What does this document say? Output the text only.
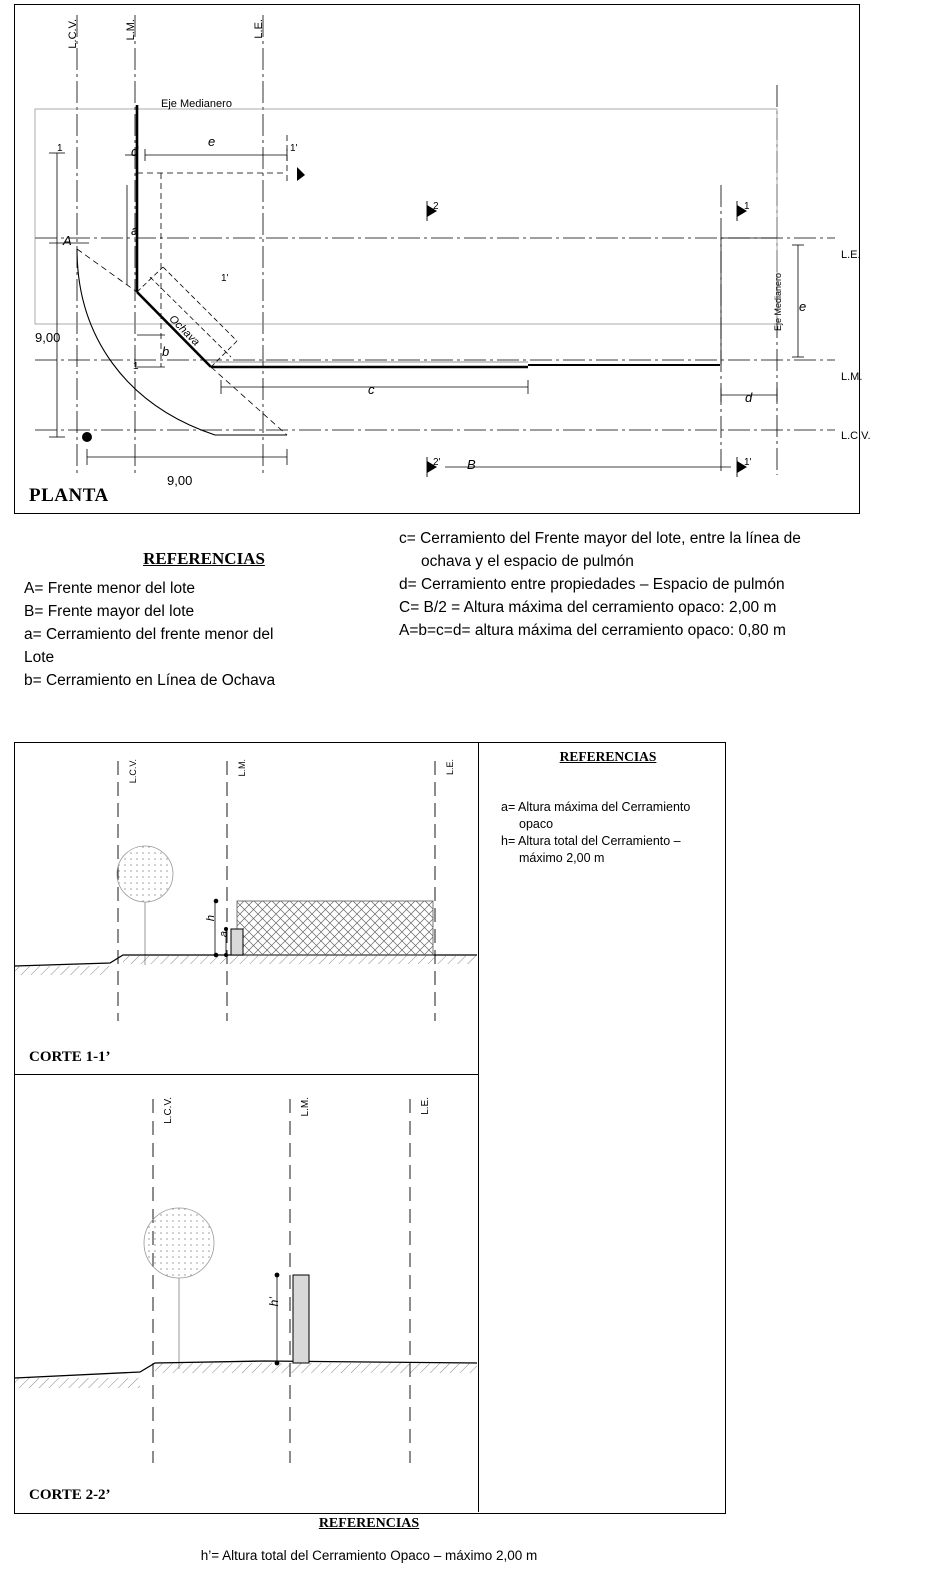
L.C.V.	L.M.	L.E.
L.E.
L.M.
L.C.V.
Eje Medianero
Eje Medianero
Ochava
9,00
9,00
A
B
a
b
c
d
d
e
e
1	1'
1'
1
2	1
2'	1'
PLANTA
REFERENCIAS
A= Frente menor del lote
B= Frente mayor del lote
a= Cerramiento del frente menor del
Lote
b= Cerramiento en Línea de Ochava
c= Cerramiento del Frente mayor del lote, entre la línea de
ochava y el espacio de pulmón
d= Cerramiento entre propiedades – Espacio de pulmón
C= B/2 = Altura máxima del cerramiento opaco: 2,00 m
A=b=c=d= altura máxima del cerramiento opaco: 0,80 m
L.C.V.	L.M.	L.E.
h
a
CORTE 1-1’
L.C.V.	L.M.	L.E.
h’
CORTE 2-2’
REFERENCIAS
a= Altura máxima del Cerramiento
opaco
h= Altura total del Cerramiento –
máximo 2,00 m
REFERENCIAS
h’= Altura total del Cerramiento Opaco – máximo 2,00 m
